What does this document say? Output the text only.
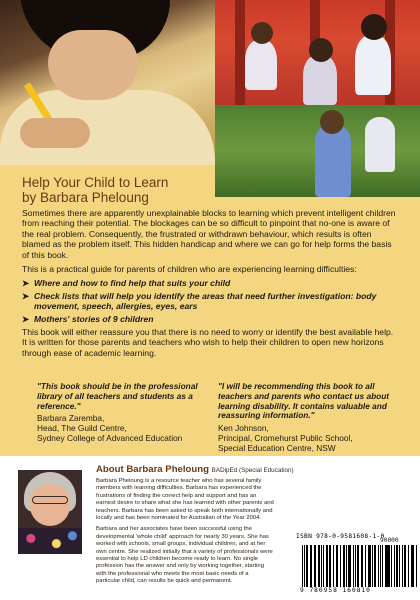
Help Your Child to Learn
by Barbara Pheloung

Sometimes there are apparently unexplainable blocks to learning which prevent intelligent children from reaching their potential. The blockages can be so difficult to pinpoint that no-one is aware of the real problem. Consequently, the frustrated or withdrawn behaviour, which results is often blamed as the problem itself. This hidden handicap and where we can go for help forms the basis of this book.

This is a practical guide for parents of children who are experiencing learning difficulties:

➤ Where and how to find help that suits your child
➤ Check lists that will help you identify the areas that need further investigation: body movement, speech, allergies, eyes, ears
➤ Mothers' stories of 9 children

This book will either reassure you that there is no need to worry or identify the best available help. It is written for those parents and teachers who wish to help their children to open new horizons through ease of academic learning.

"This book should be in the professional library of all teachers and students as a reference."
Barbara Zaremba,
Head, The Guild Centre,
Sydney College of Advanced Education
"I will be recommending this book to all teachers and parents who contact us about learning disability. It contains valuable and reassuring information."
Ken Johnson,
Principal, Cromehurst Public School,
Special Education Centre, NSW
About Barbara Pheloung BADipEd (Special Education)

Barbara Pheloung is a resource teacher who has several family members with learning difficulties. Barbara has experienced the frustrations of finding the correct help and support and has an earnest desire to share what she has learned with other parents and teachers. Barbara has been asked to speak both internationally and locally and has been nominated for Australian of the Year 2004.

Barbara and her associates have been successful using the developmental 'whole child' approach for nearly 30 years. She has worked with schools, small groups, individual children, and at her own centre. She realized initially that a variety of professionals were essential to help LD children become ready to learn. No single profession has the answer and only by working together, starting with the professional who meets the most basic needs of a particular child, can results be quick and permanent.

ISBN 978-0-9581608-1-0
90000
9 780958 160810
